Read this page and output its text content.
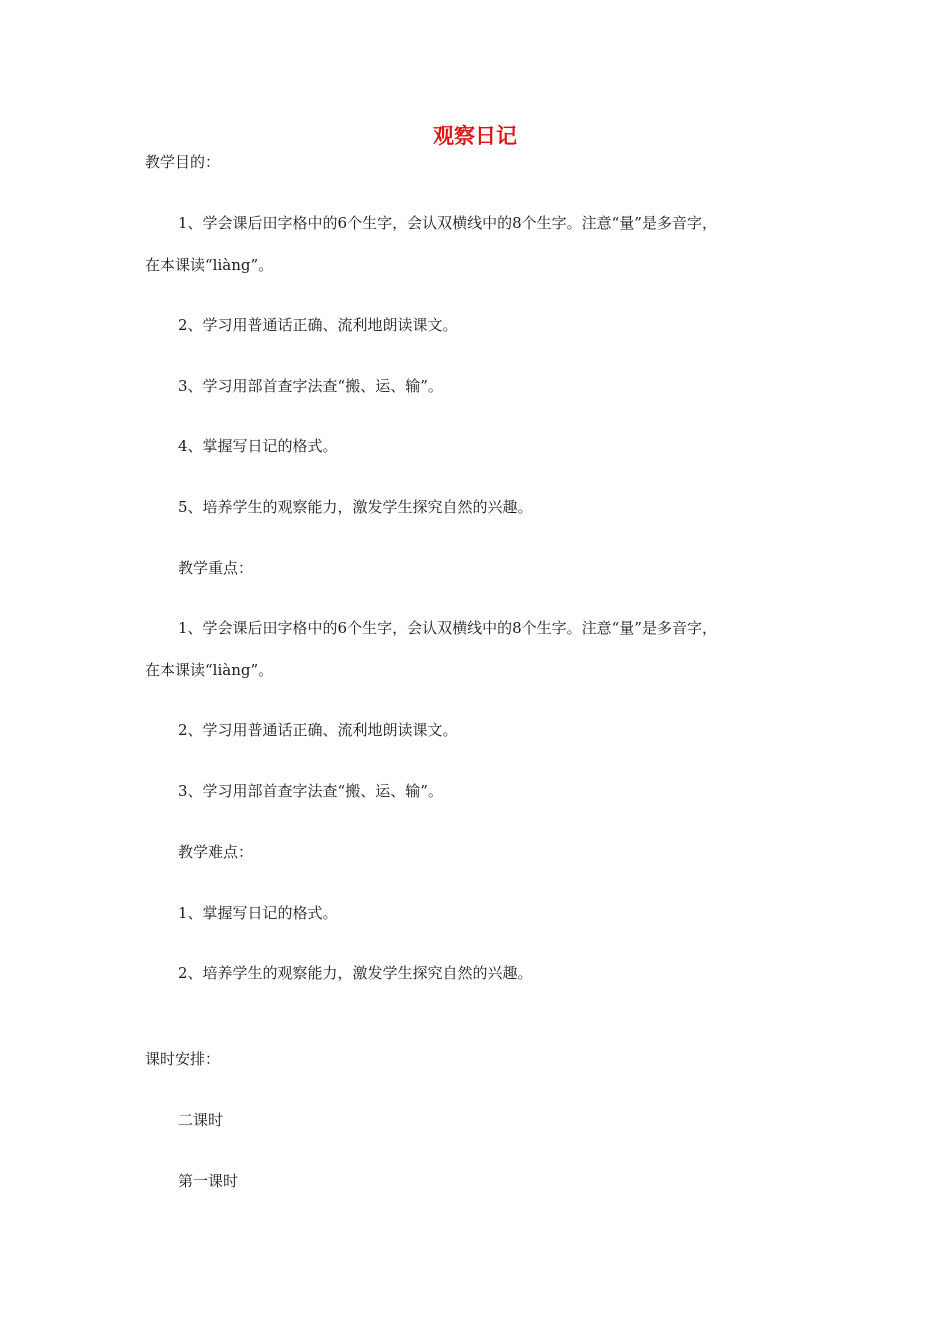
观察日记
教学目的：
1、学会课后田字格中的6个生字，会认双横线中的8个生字。注意“量”是多音字，
在本课读“liàng”。
2、学习用普通话正确、流利地朗读课文。
3、学习用部首查字法查“搬、运、输”。
4、掌握写日记的格式。
5、培养学生的观察能力，激发学生探究自然的兴趣。
教学重点：
1、学会课后田字格中的6个生字，会认双横线中的8个生字。注意“量”是多音字，
在本课读“liàng”。
2、学习用普通话正确、流利地朗读课文。
3、学习用部首查字法查“搬、运、输”。
教学难点：
1、掌握写日记的格式。
2、培养学生的观察能力，激发学生探究自然的兴趣。
课时安排：
二课时
第一课时
